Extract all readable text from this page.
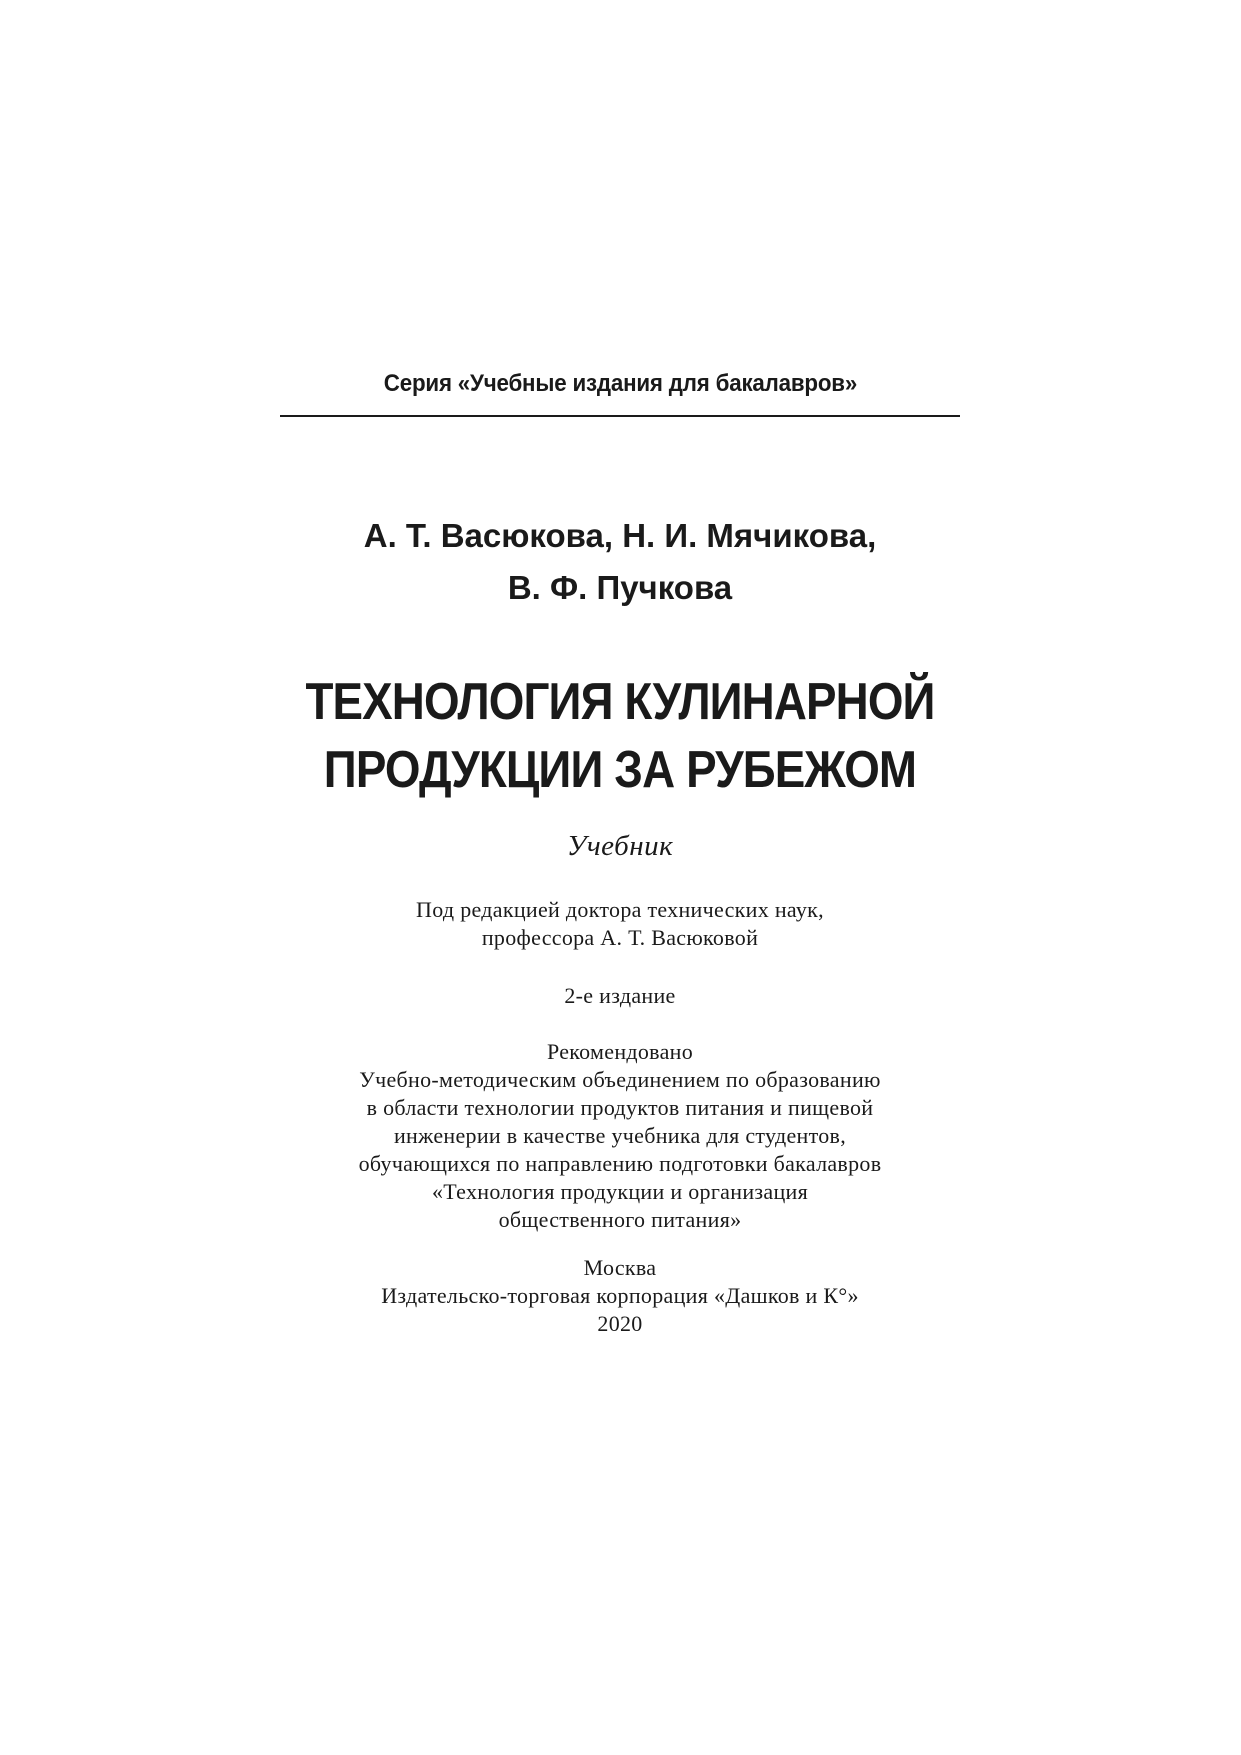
Серия «Учебные издания для бакалавров»
А. Т. Васюкова, Н. И. Мячикова,
В. Ф. Пучкова
ТЕХНОЛОГИЯ КУЛИНАРНОЙ
ПРОДУКЦИИ ЗА РУБЕЖОМ
Учебник
Под редакцией доктора технических наук,
профессора А. Т. Васюковой
2-е издание
Рекомендовано
Учебно-методическим объединением по образованию
в области технологии продуктов питания и пищевой
инженерии в качестве учебника для студентов,
обучающихся по направлению подготовки бакалавров
«Технология продукции и организация
общественного питания»
Москва
Издательско-торговая корпорация «Дашков и К°»
2020
